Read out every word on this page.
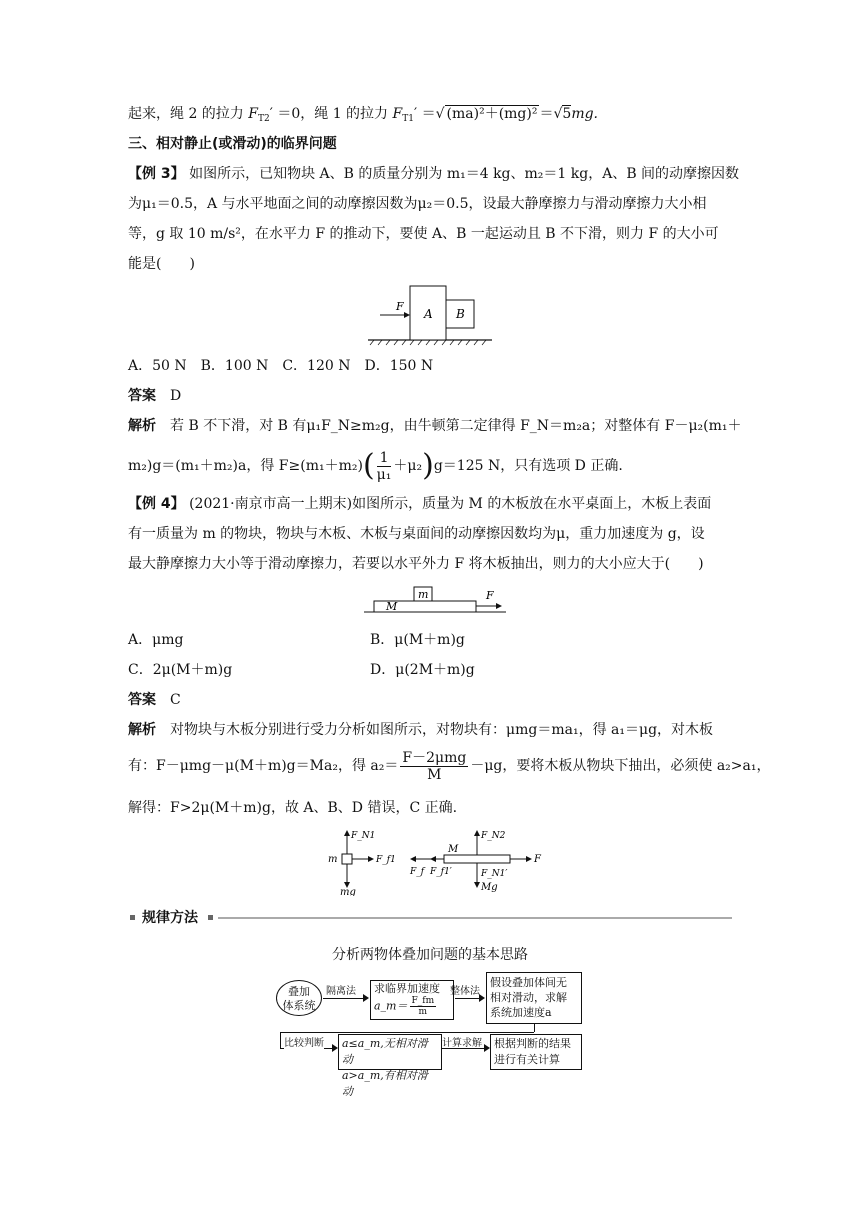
起来，绳 2 的拉力 $F_{T2}' =0$，绳 1 的拉力 $F_{T1}'$ ＝√ (ma)²＋(mg)² ＝√5mg.
三、相对静止(或滑动)的临界问题
【例 3】 如图所示，已知物块 A、B 的质量分别为 m₁＝4 kg、m₂＝1 kg，A、B 间的动摩擦因数
为μ₁＝0.5，A 与水平地面之间的动摩擦因数为μ₂＝0.5，设最大静摩擦力与滑动摩擦力大小相
等，g 取 10 m/s²，在水平力 F 的推动下，要使 A、B 一起运动且 B 不下滑，则力 F 的大小可
能是(　　)
F
A B
A．50 N　B．100 N　C．120 N　D．150 N
答案　 D
解析　 若 B 不下滑，对 B 有μ₁F_N≥m₂g，由牛顿第二定律得 F_N＝m₂a；对整体有 F－μ₂(m₁＋
m₂)g＝(m₁＋m₂)a，得 $F\ge(m_1+m_2)( \frac{1}{\text{μ₁}} +\mu_2)g=125$ N，只有选项 D 正确.
【例 4】 (2021·南京市高一上期末)如图所示，质量为 M 的木板放在水平桌面上，木板上表面
有一质量为 m 的物块，物块与木板、木板与桌面间的动摩擦因数均为μ，重力加速度为 g，设
最大静摩擦力大小等于滑动摩擦力，若要以水平外力 F 将木板抽出，则力的大小应大于(　　)
m
M
F
A．μmg	B．μ(M＋m)g
C．2μ(M＋m)g	D．μ(2M＋m)g
答案　 C
解析　 对物块与木板分别进行受力分析如图所示，对物块有：μmg＝ma₁，得 a₁＝μg，对木板
有：F－μmg－μ(M＋m)g＝Ma₂，得 $a_2= \frac{\text{F－2μmg}}{M} -\mu g$，要将木板从物块下抽出，必须使 a₂>a₁，
解得：F>2μ(M＋m)g，故 A、B、D 错误，C 正确.
F_N1
m	F_f1
mg
F_N2
M
F
F_f F_f1′	F_N1′
Mg
规律方法
分析两物体叠加问题的基本思路
叠加
体系统
隔离法 求临界加速度
a_m＝ $\frac{F\_fm}{m}$
整体法
假设叠加体间无
相对滑动，求解
系统加速度a
比较判断 a≤a_m,无相对滑动
a>a_m,有相对滑动
计算求解 根据判断的结果
进行有关计算
